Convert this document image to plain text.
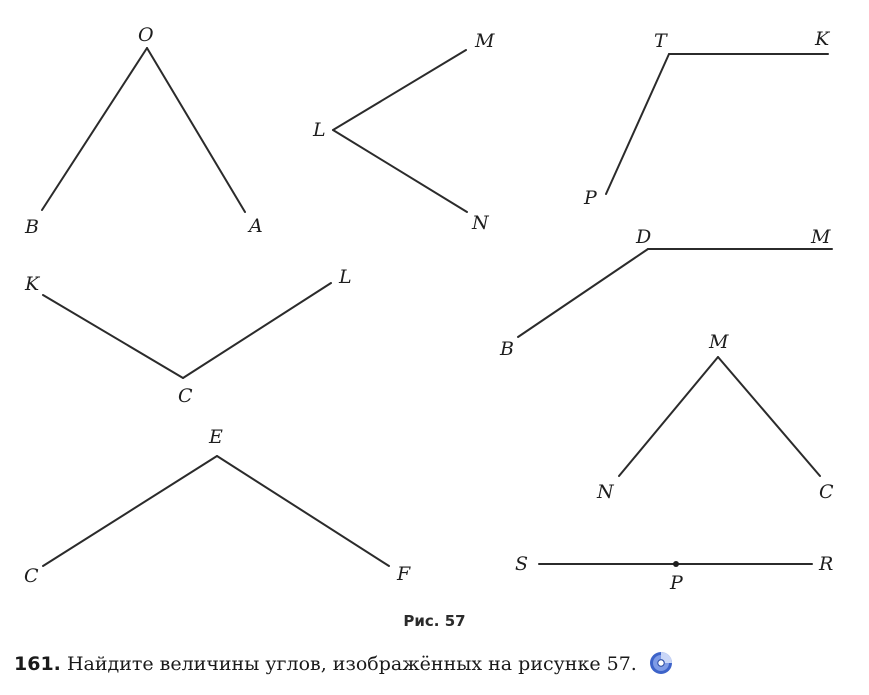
O
B	A
L
M
N
T
P
K
C
K	L
D
B
M
M
N	C
E
C	F	P
S	R
Рис. 57
161. Найдите величины углов, изображённых на рисунке 57.
